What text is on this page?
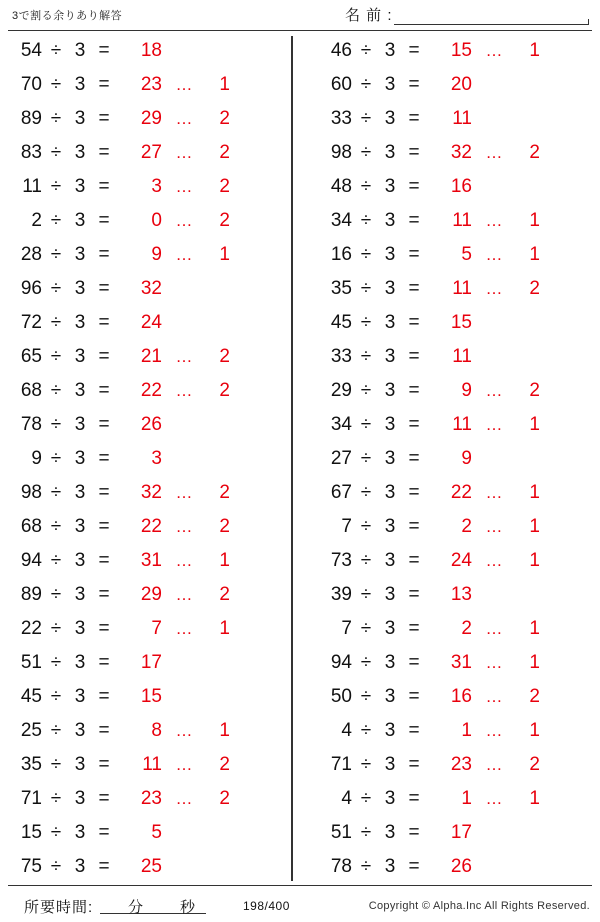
3で割る余りあり解答	名 前 :
54 ÷ 3 =	18
70 ÷ 3 =	23 …	1
89 ÷ 3 =	29 …	2
83 ÷ 3 =	27 …	2
11 ÷ 3 =	3 …	2
2 ÷ 3 =	0 …	2
28 ÷ 3 =	9 …	1
96 ÷ 3 =	32
72 ÷ 3 =	24
65 ÷ 3 =	21 …	2
68 ÷ 3 =	22 …	2
78 ÷ 3 =	26
9 ÷ 3 =	3
98 ÷ 3 =	32 …	2
68 ÷ 3 =	22 …	2
94 ÷ 3 =	31 …	1
89 ÷ 3 =	29 …	2
22 ÷ 3 =	7 …	1
51 ÷ 3 =	17
45 ÷ 3 =	15
25 ÷ 3 =	8 …	1
35 ÷ 3 =	11 …	2
71 ÷ 3 =	23 …	2
15 ÷ 3 =	5
75 ÷ 3 =	25
46 ÷ 3 =	15 …	1
60 ÷ 3 =	20
33 ÷ 3 =	11
98 ÷ 3 =	32 …	2
48 ÷ 3 =	16
34 ÷ 3 =	11 …	1
16 ÷ 3 =	5 …	1
35 ÷ 3 =	11 …	2
45 ÷ 3 =	15
33 ÷ 3 =	11
29 ÷ 3 =	9 …	2
34 ÷ 3 =	11 …	1
27 ÷ 3 =	9
67 ÷ 3 =	22 …	1
7 ÷ 3 =	2 …	1
73 ÷ 3 =	24 …	1
39 ÷ 3 =	13
7 ÷ 3 =	2 …	1
94 ÷ 3 =	31 …	1
50 ÷ 3 =	16 …	2
4 ÷ 3 =	1 …	1
71 ÷ 3 =	23 …	2
4 ÷ 3 =	1 …	1
51 ÷ 3 =	17
78 ÷ 3 =	26
所要時間: 分 秒	198/400	Copyright © Alpha.Inc All Rights Reserved.
